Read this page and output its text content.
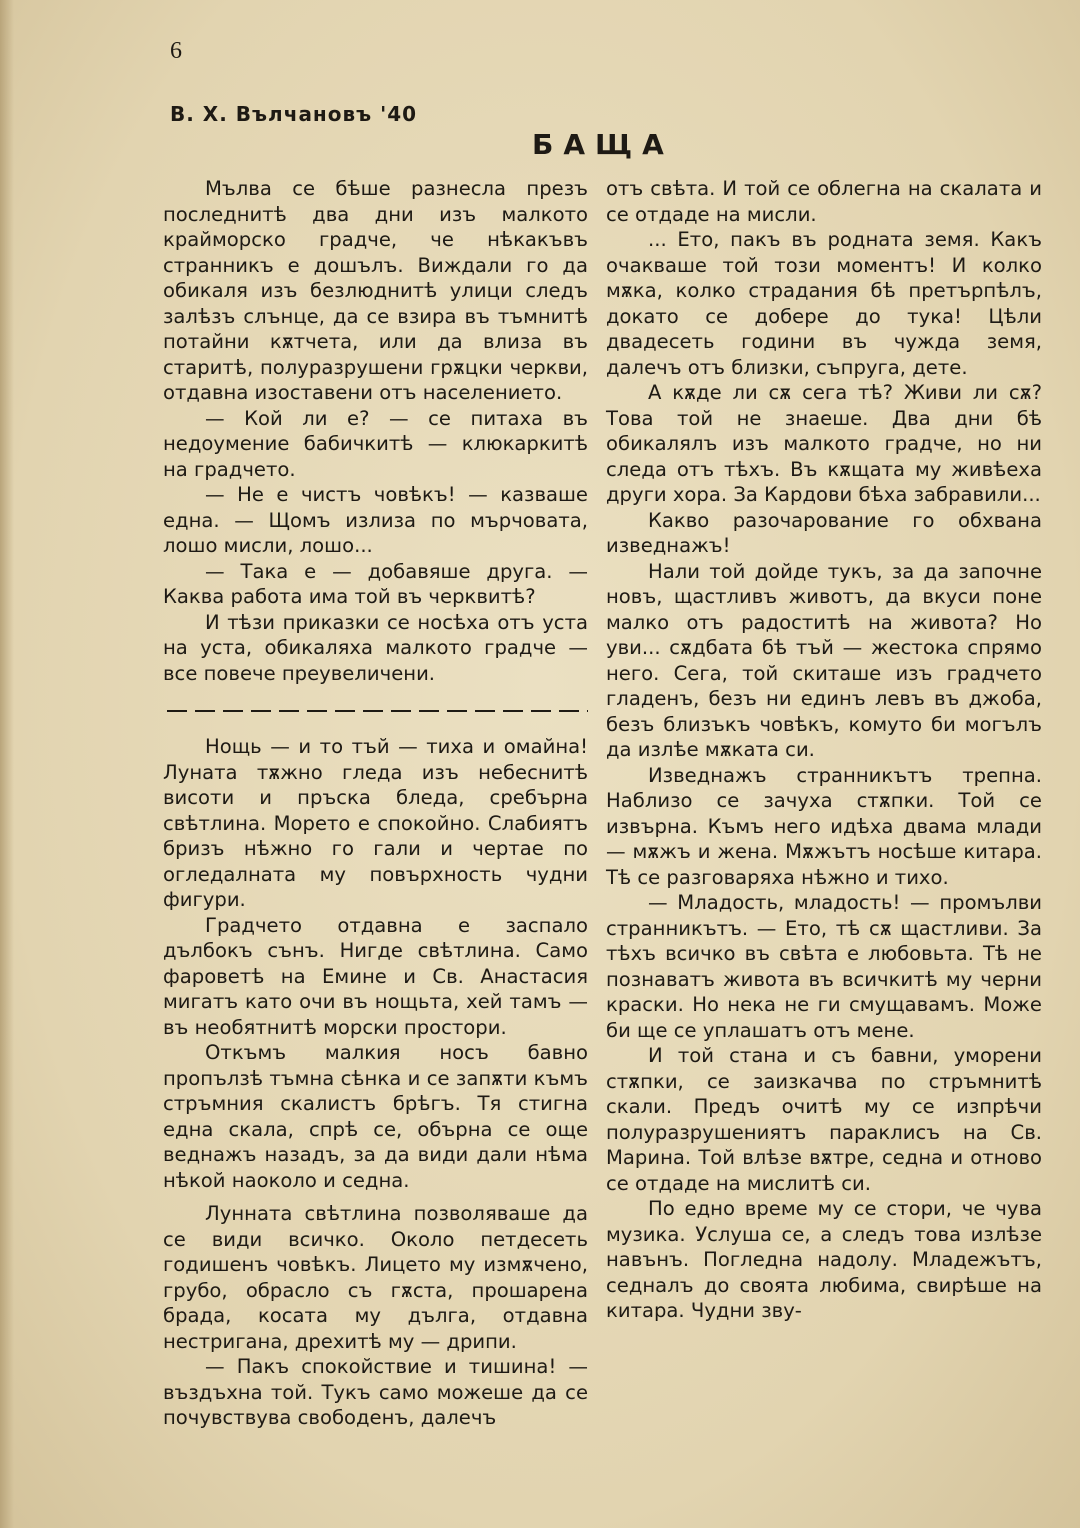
6
В. Х. Вълчановъ '40
БАЩА

Мълва се бѣше разнесла презъ последнитѣ два дни изъ малкото крайморско градче, че нѣкакъвъ странникъ е дошълъ. Виждали го да обикаля изъ безлюднитѣ улици следъ залѣзъ слънце, да се взира въ тъмнитѣ потайни кѫтчета, или да влиза въ старитѣ, полуразрушени грѫцки черкви, отдавна изоставени отъ населението.

— Кой ли е? — се питаха въ недоумение бабичкитѣ — клюкаркитѣ на градчето.

— Не е чистъ човѣкъ! — казваше една. — Щомъ излиза по мърчовата, лошо мисли, лошо...

— Така е — добавяше друга. — Каква работа има той въ черквитѣ?

И тѣзи приказки се носѣха отъ уста на уста, обикаляха малкото градче — все повече преувеличени.

Нощь — и то тъй — тиха и омайна! Луната тѫжно гледа изъ небеснитѣ висоти и пръска бледа, сребърна свѣтлина. Морето е спокойно. Слабиятъ бризъ нѣжно го гали и чертае по огледалната му повърхность чудни фигури.

Градчето отдавна е заспало дълбокъ сънъ. Нигде свѣтлина. Само фароветѣ на Емине и Св. Анастасия мигатъ като очи въ нощьта, хей тамъ — въ необятнитѣ морски простори.

Откъмъ малкия носъ бавно пропълзѣ тъмна сѣнка и се запѫти къмъ стръмния скалистъ брѣгъ. Тя стигна една скала, спрѣ се, обърна се още веднажъ назадъ, за да види дали нѣма нѣкой наоколо и седна.

Лунната свѣтлина позволяваше да се види всичко. Около петдесеть годишенъ човѣкъ. Лицето му измѫчено, грубо, обрасло съ гѫста, прошарена брада, косата му дълга, отдавна нестригана, дрехитѣ му — дрипи.

— Пакъ спокойствие и тишина! — въздъхна той. Тукъ само можеше да се почувствува свободенъ, далечъ

отъ свѣта. И той се облегна на скалата и се отдаде на мисли.

... Ето, пакъ въ родната земя. Какъ очакваше той този моментъ! И колко мѫка, колко страдания бѣ претърпѣлъ, докато се добере до тука! Цѣли двадесеть години въ чужда земя, далечъ отъ близки, съпруга, дете.

А кѫде ли сѫ сега тѣ? Живи ли сѫ? Това той не знаеше. Два дни бѣ обикалялъ изъ малкото градче, но ни следа отъ тѣхъ. Въ кѫщата му живѣеха други хора. За Кардови бѣха забравили...

Какво разочарование го обхвана изведнажъ!

Нали той дойде тукъ, за да започне новъ, щастливъ животъ, да вкуси поне малко отъ радоститѣ на живота? Но уви... сѫдбата бѣ тъй — жестока спрямо него. Сега, той скиташе изъ градчето гладенъ, безъ ни единъ левъ въ джоба, безъ близъкъ човѣкъ, комуто би могълъ да излѣе мѫката си.

Изведнажъ странникътъ трепна. Наблизо се зачуха стѫпки. Той се извърна. Къмъ него идѣха двама млади — мѫжъ и жена. Мѫжътъ носѣше китара. Тѣ се разговаряха нѣжно и тихо.

— Младость, младость! — промълви странникътъ. — Ето, тѣ сѫ щастливи. За тѣхъ всичко въ свѣта е любовьта. Тѣ не познаватъ живота въ всичкитѣ му черни краски. Но нека не ги смущавамъ. Може би ще се уплашатъ отъ мене.

И той стана и съ бавни, уморени стѫпки, се заизкачва по стръмнитѣ скали. Предъ очитѣ му се изпрѣчи полуразрушениятъ параклисъ на Св. Марина. Той влѣзе вѫтре, седна и отново се отдаде на мислитѣ си.

По едно време му се стори, че чува музика. Услуша се, а следъ това излѣзе навънъ. Погледна надолу. Младежътъ, седналъ до своята любима, свирѣше на китара. Чудни зву-
